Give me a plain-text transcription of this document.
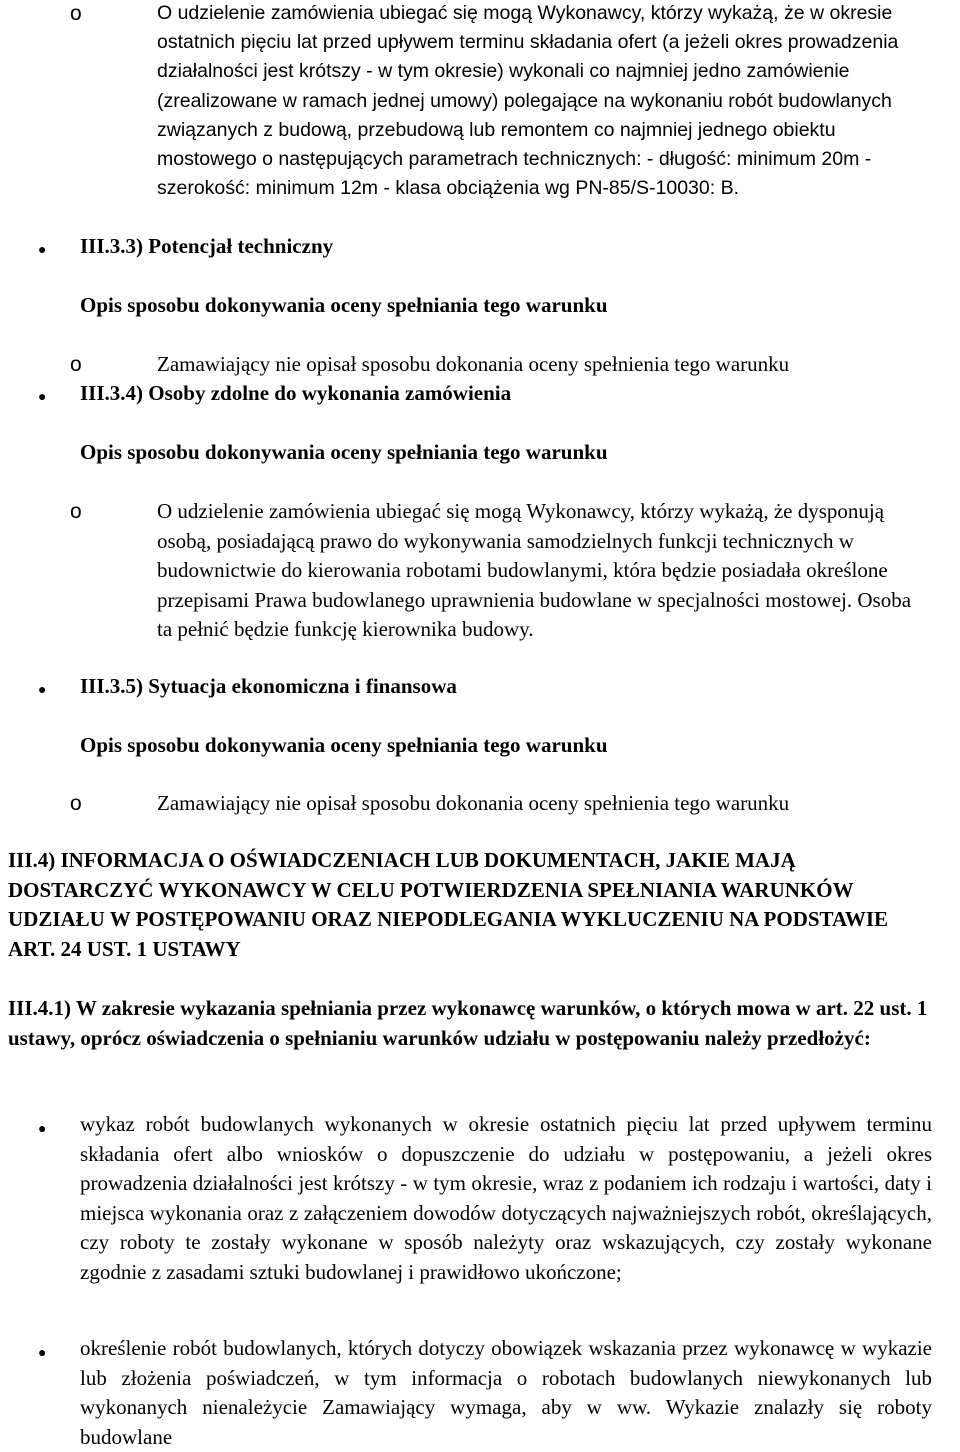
o	O udzielenie zamówienia ubiegać się mogą Wykonawcy, którzy wykażą, że w okresie ostatnich pięciu lat przed upływem terminu składania ofert (a jeżeli okres prowadzenia działalności jest krótszy - w tym okresie) wykonali co najmniej jedno zamówienie (zrealizowane w ramach jednej umowy) polegające na wykonaniu robót budowlanych związanych z budową, przebudową lub remontem co najmniej jednego obiektu mostowego o następujących parametrach technicznych: - długość: minimum 20m - szerokość: minimum 12m - klasa obciążenia wg PN-85/S-10030: B.

● III.3.3) Potencjał techniczny

Opis sposobu dokonywania oceny spełniania tego warunku

o	Zamawiający nie opisał sposobu dokonania oceny spełnienia tego warunku

● III.3.4) Osoby zdolne do wykonania zamówienia

Opis sposobu dokonywania oceny spełniania tego warunku

o	O udzielenie zamówienia ubiegać się mogą Wykonawcy, którzy wykażą, że dysponują osobą, posiadającą prawo do wykonywania samodzielnych funkcji technicznych w budownictwie do kierowania robotami budowlanymi, która będzie posiadała określone przepisami Prawa budowlanego uprawnienia budowlane w specjalności mostowej. Osoba ta pełnić będzie funkcję kierownika budowy.

● III.3.5) Sytuacja ekonomiczna i finansowa

Opis sposobu dokonywania oceny spełniania tego warunku

o	Zamawiający nie opisał sposobu dokonania oceny spełnienia tego warunku

III.4) INFORMACJA O OŚWIADCZENIACH LUB DOKUMENTACH, JAKIE MAJĄ DOSTARCZYĆ WYKONAWCY W CELU POTWIERDZENIA SPEŁNIANIA WARUNKÓW UDZIAŁU W POSTĘPOWANIU ORAZ NIEPODLEGANIA WYKLUCZENIU NA PODSTAWIE ART. 24 UST. 1 USTAWY

III.4.1) W zakresie wykazania spełniania przez wykonawcę warunków, o których mowa w art. 22 ust. 1 ustawy, oprócz oświadczenia o spełnianiu warunków udziału w postępowaniu należy przedłożyć:

● wykaz robót budowlanych wykonanych w okresie ostatnich pięciu lat przed upływem terminu składania ofert albo wniosków o dopuszczenie do udziału w postępowaniu, a jeżeli okres prowadzenia działalności jest krótszy - w tym okresie, wraz z podaniem ich rodzaju i wartości, daty i miejsca wykonania oraz z załączeniem dowodów dotyczących najważniejszych robót, określających, czy roboty te zostały wykonane w sposób należyty oraz wskazujących, czy zostały wykonane zgodnie z zasadami sztuki budowlanej i prawidłowo ukończone;

● określenie robót budowlanych, których dotyczy obowiązek wskazania przez wykonawcę w wykazie lub złożenia poświadczeń, w tym informacja o robotach budowlanych niewykonanych lub wykonanych nienależycie Zamawiający wymaga, aby w ww. Wykazie znalazły się roboty budowlane
